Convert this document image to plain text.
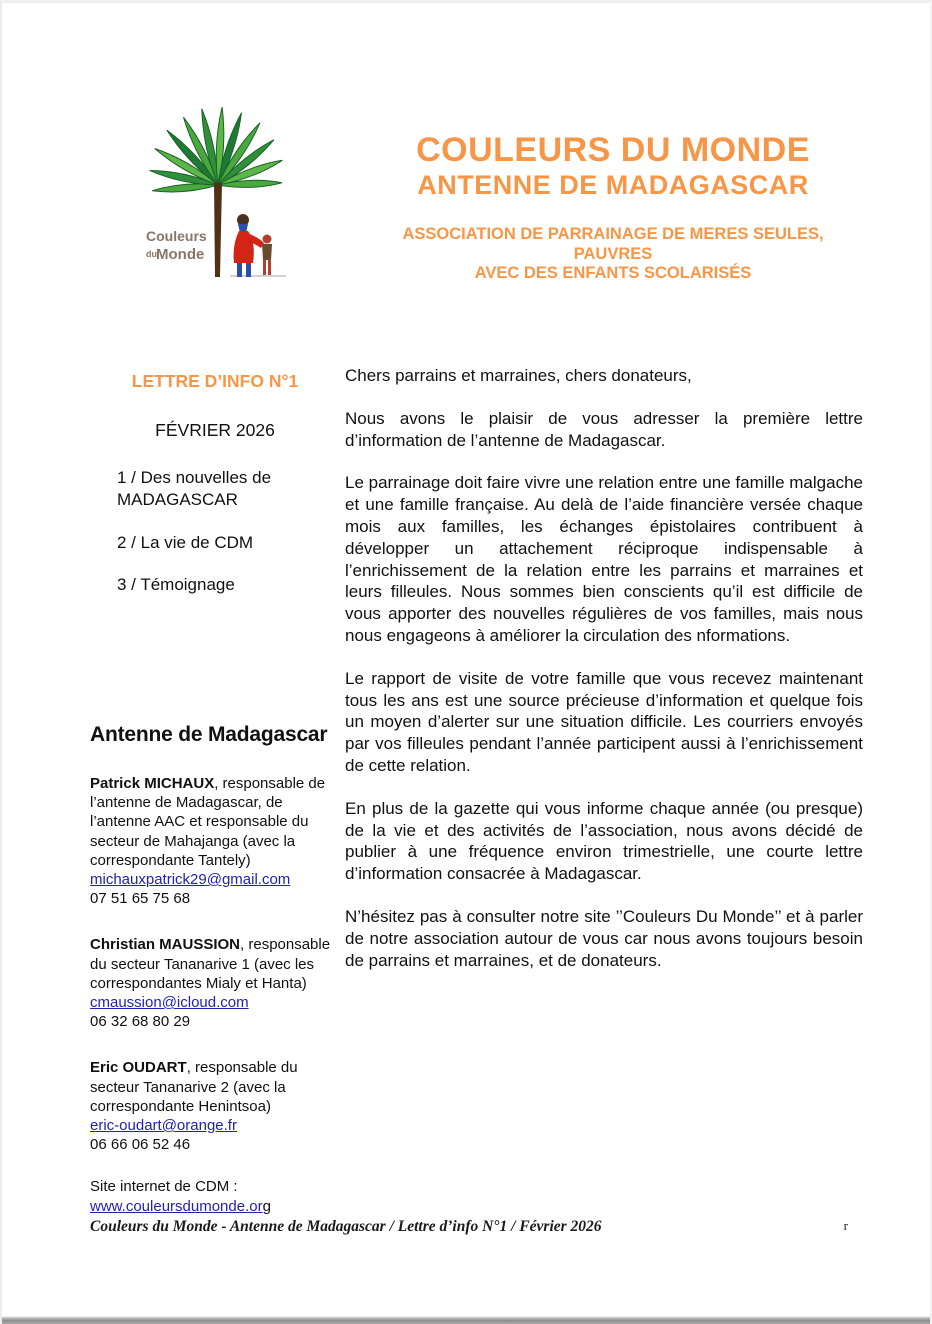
Couleurs
du Monde
COULEURS DU MONDE
ANTENNE DE MADAGASCAR
ASSOCIATION DE PARRAINAGE DE MERES SEULES, PAUVRES
AVEC DES ENFANTS SCOLARISÉS
LETTRE D’INFO N°1
FÉVRIER 2026
1 / Des nouvelles de MADAGASCAR
2 / La vie de CDM
3 / Témoignage
Antenne de Madagascar
Patrick MICHAUX, responsable de l’antenne de Madagascar, de l’antenne AAC et responsable du secteur de Mahajanga (avec la correspondante Tantely)
michauxpatrick29@gmail.com
07 51 65 75 68
Christian MAUSSION, responsable du secteur Tananarive 1 (avec les correspondantes Mialy et Hanta)
cmaussion@icloud.com
06 32 68 80 29
Eric OUDART, responsable du secteur Tananarive 2 (avec la correspondante Henintsoa)
eric-oudart@orange.fr
06 66 06 52 46
Site internet de CDM :
www.couleursdumonde.org

Chers parrains et marraines, chers donateurs,

Nous avons le plaisir de vous adresser la première lettre d’information de l’antenne de Madagascar.

Le parrainage doit faire vivre une relation entre une famille malgache et une famille française. Au delà de l’aide financière versée chaque mois aux familles, les échanges épistolaires contribuent à développer un attachement réciproque indispensable à l’enrichissement de la relation entre les parrains et marraines et leurs filleules. Nous sommes bien conscients qu’il est difficile de vous apporter des nouvelles régulières de vos familles, mais nous nous engageons à améliorer la circulation des nformations.

Le rapport de visite de votre famille que vous recevez maintenant tous les ans est une source précieuse d’information et quelque fois un moyen d’alerter sur une situation difficile. Les courriers envoyés par vos filleules pendant l’année participent aussi à l’enrichissement de cette relation.

En plus de la gazette qui vous informe chaque année (ou presque) de la vie et des activités de l’association, nous avons décidé de publier à une fréquence environ trimestrielle, une courte lettre d’information consacrée à Madagascar.

N’hésitez pas à consulter notre site ’’Couleurs Du Monde’’ et à parler de notre association autour de vous car nous avons toujours besoin de parrains et marraines, et de donateurs.

Couleurs du Monde - Antenne de Madagascar / Lettre d’info N°1 / Février 2026	r
